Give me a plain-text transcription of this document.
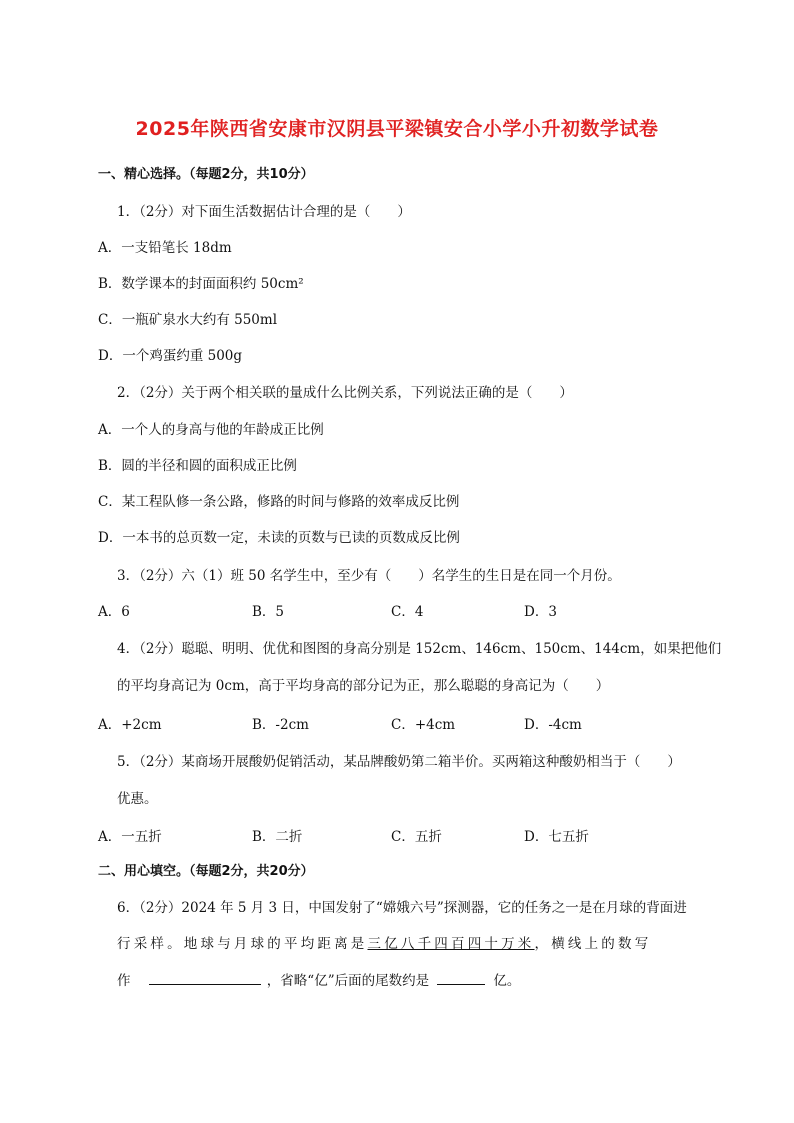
2025年陕西省安康市汉阴县平梁镇安合小学小升初数学试卷
一、精心选择。（每题2分，共10分）
1．（2分）对下面生活数据估计合理的是（　　）
A．一支铅笔长 18dm
B．数学课本的封面面积约 50cm²
C．一瓶矿泉水大约有 550ml
D．一个鸡蛋约重 500g
2．（2分）关于两个相关联的量成什么比例关系，下列说法正确的是（　　）
A．一个人的身高与他的年龄成正比例
B．圆的半径和圆的面积成正比例
C．某工程队修一条公路，修路的时间与修路的效率成反比例
D．一本书的总页数一定，未读的页数与已读的页数成反比例
3．（2分）六（1）班 50 名学生中，至少有（　　）名学生的生日是在同一个月份。
A．6	B．5	C．4	D．3
4．（2分）聪聪、明明、优优和图图的身高分别是 152cm、146cm、150cm、144cm，如果把他们
的平均身高记为 0cm，高于平均身高的部分记为正，那么聪聪的身高记为（　　）
A．+2cm	B．-2cm	C．+4cm	D．-4cm
5．（2分）某商场开展酸奶促销活动，某品牌酸奶第二箱半价。买两箱这种酸奶相当于（　　）
优惠。
A．一五折	B．二折	C．五折	D．七五折
二、用心填空。（每题2分，共20分）
6．（2分）2024 年 5 月 3 日，中国发射了“嫦娥六号”探测器，它的任务之一是在月球的背面进
行采样。地球与月球的平均距离是三亿八千四百四十万米，横线上的数写
作	，省略“亿”后面的尾数约是	亿。
